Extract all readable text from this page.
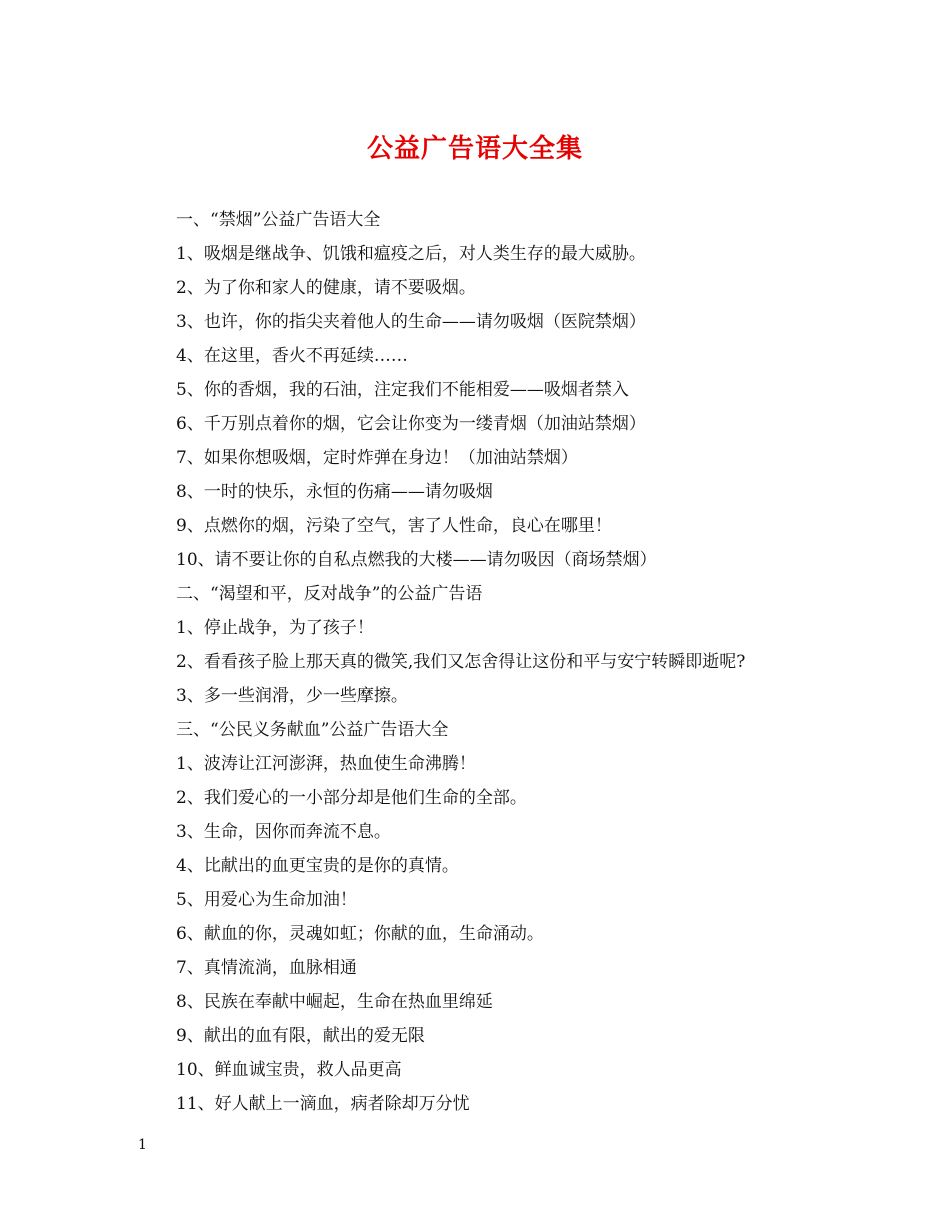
公益广告语大全集

一、“禁烟”公益广告语大全

1、吸烟是继战争、饥饿和瘟疫之后，对人类生存的最大威胁。

2、为了你和家人的健康，请不要吸烟。

3、也许，你的指尖夹着他人的生命——请勿吸烟（医院禁烟）

4、在这里，香火不再延续……

5、你的香烟，我的石油，注定我们不能相爱——吸烟者禁入

6、千万别点着你的烟，它会让你变为一缕青烟（加油站禁烟）

7、如果你想吸烟，定时炸弹在身边！（加油站禁烟）

8、一时的快乐，永恒的伤痛——请勿吸烟

9、点燃你的烟，污染了空气，害了人性命，良心在哪里！

10、请不要让你的自私点燃我的大楼——请勿吸因（商场禁烟）

二、“渴望和平，反对战争”的公益广告语

1、停止战争，为了孩子！

2、看看孩子脸上那天真的微笑,我们又怎舍得让这份和平与安宁转瞬即逝呢?

3、多一些润滑，少一些摩擦。

三、“公民义务献血”公益广告语大全

1、波涛让江河澎湃，热血使生命沸腾！

2、我们爱心的一小部分却是他们生命的全部。

3、生命，因你而奔流不息。

4、比献出的血更宝贵的是你的真情。

5、用爱心为生命加油！

6、献血的你，灵魂如虹；你献的血，生命涌动。

7、真情流淌，血脉相通

8、民族在奉献中崛起，生命在热血里绵延

9、献出的血有限，献出的爱无限

10、鲜血诚宝贵，救人品更高

11、好人献上一滴血，病者除却万分忧

1
